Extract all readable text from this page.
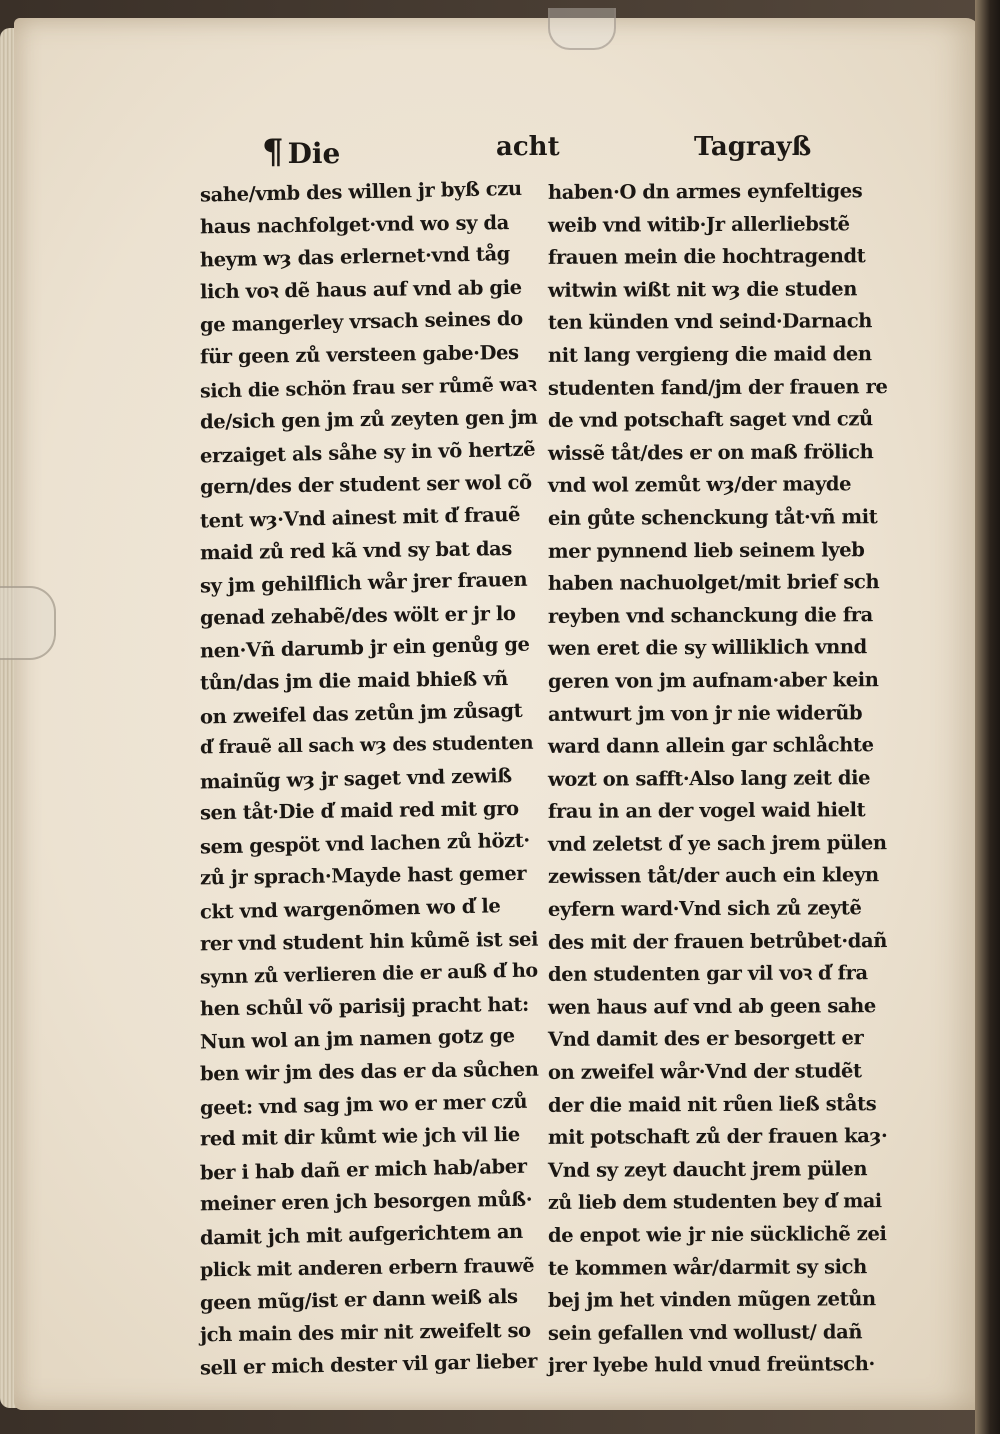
¶ Die	acht	Tagrayß
sahe/vmb des willen jr byß czu
haus nachfolget·vnd wo sy da
heym wȝ das erlernet·vnd tåg
lich voꝛ dẽ haus auf vnd ab gie
ge mangerley vrsach seines do
für geen zů versteen gabe·Des
sich die schön frau ser růmẽ waꝛ
de/sich gen jm zů zeyten gen jm
erzaiget als såhe sy in võ hertzẽ
gern/des der student ser wol cõ
tent wȝ·Vnd ainest mit d̕ frauẽ
maid zů red kã vnd sy bat das
sy jm gehilflich wår jrer frauen
genad zehabẽ/des wölt er jr lo
nen·Vñ darumb jr ein genůg ge
tůn/das jm die maid bhieß vñ
on zweifel das zetůn jm zůsagt
d̕ frauẽ all sach wȝ des studenten
mainũg wȝ jr saget vnd zewiß
sen tåt·Die d̕ maid red mit gro
sem gespöt vnd lachen zů hözt·
zů jr sprach·Mayde hast gemer
ckt vnd wargenõmen wo d̕ le
rer vnd student hin kůmẽ ist sei
synn zů verlieren die er auß d̕ ho
hen schůl võ parisij pracht hat:
Nun wol an jm namen gotz ge
ben wir jm des das er da sůchen
geet: vnd sag jm wo er mer czů
red mit dir kůmt wie jch vil lie
ber i hab dañ er mich hab/aber
meiner eren jch besorgen můß·
damit jch mit aufgerichtem an
plick mit anderen erbern frauwẽ
geen mũg/ist er dann weiß als
jch main des mir nit zweifelt so
sell er mich dester vil gar lieber
haben·O dn armes eynfeltiges
weib vnd witib·Jr allerliebstẽ
frauen mein die hochtragendt
witwin wißt nit wȝ die studen
ten künden vnd seind·Darnach
nit lang vergieng die maid den
studenten fand/jm der frauen re
de vnd potschaft saget vnd czů
wissẽ tåt/des er on maß frölich
vnd wol zemůt wȝ/der mayde
ein gůte schenckung tåt·vñ mit
mer pynnend lieb seinem lyeb
haben nachuolget/mit brief sch
reyben vnd schanckung die fra
wen eret die sy williklich vnnd
geren von jm aufnam·aber kein
antwurt jm von jr nie widerũb
ward dann allein gar schlåchte
wozt on safft·Also lang zeit die
frau in an der vogel waid hielt
vnd zeletst d̕ ye sach jrem pülen
zewissen tåt/der auch ein kleyn
eyfern ward·Vnd sich zů zeytẽ
des mit der frauen betrůbet·dañ
den studenten gar vil voꝛ d̕ fra
wen haus auf vnd ab geen sahe
Vnd damit des er besorgett er
on zweifel wår·Vnd der studẽt
der die maid nit růen ließ ståts
mit potschaft zů der frauen kaȝ·
Vnd sy zeyt daucht jrem pülen
zů lieb dem studenten bey d̕ mai
de enpot wie jr nie sücklichẽ zei
te kommen wår/darmit sy sich
bej jm het vinden mũgen zetůn
sein gefallen vnd wollust/ dañ
jrer lyebe huld vnud freüntsch·
